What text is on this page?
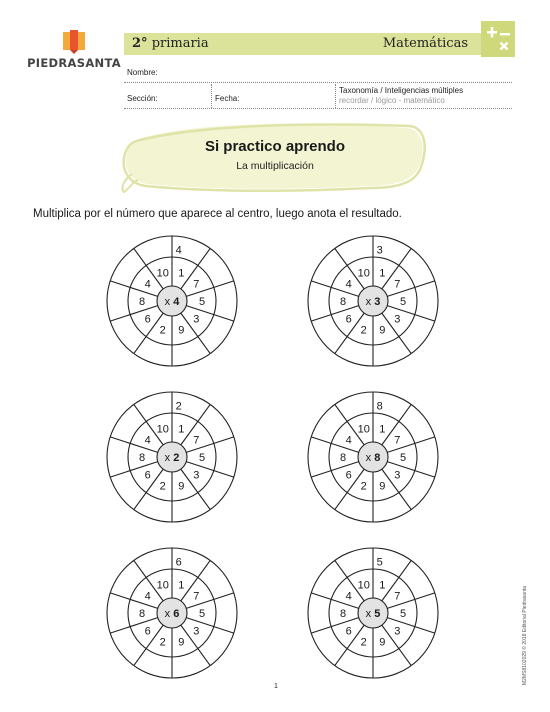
PIEDRASANTA
2° primaria	Matemáticas
Nombre:
Sección:	Fecha:
Taxonomía / Inteligencias múltiples
recordar / lógico - matemático
Si practico aprendo
La multiplicación
Multiplica por el número que aparece al centro, luego anota el resultado.
1
7
5
3
9
2
6
8
4
10
4
x 4
1
7
5
3
9
2
6
8
4
10
3
x 3
1
7
5
3
9
2
6
8
4
10
2
x 2
1
7
5
3
9
2
6
8
4
10
8
x 8
1
7
5
3
9
2
6
8
4
10
6
x 6
1
7
5
3
9
2
6
8
4
10
5
x 5
1
M2MS8102029 © 2018 Editorial Piedrasanta
